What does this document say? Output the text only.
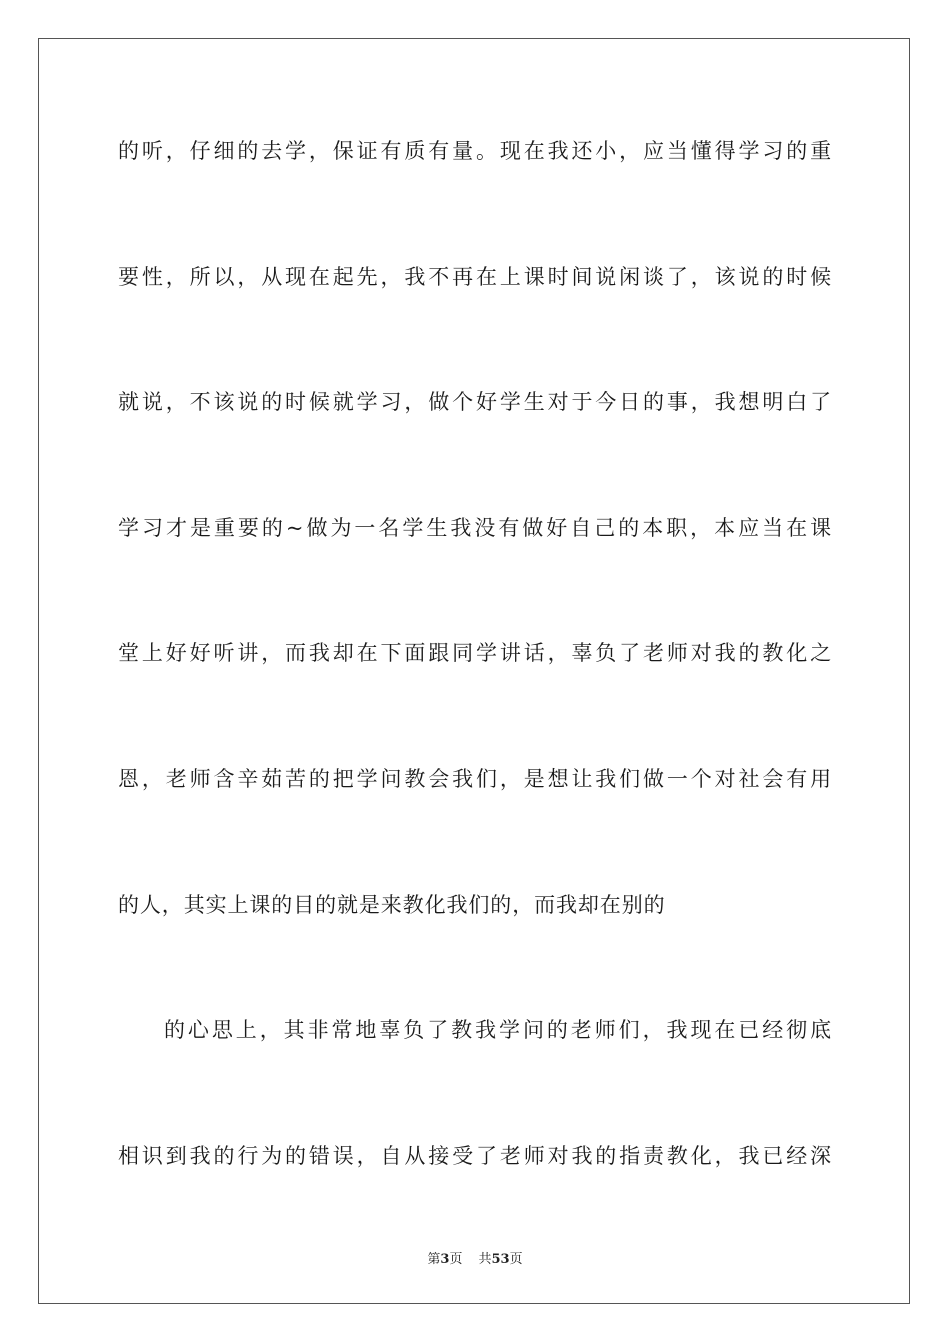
的听，仔细的去学，保证有质有量。现在我还小，应当懂得学习的重
要性，所以，从现在起先，我不再在上课时间说闲谈了，该说的时候
就说，不该说的时候就学习，做个好学生对于今日的事，我想明白了
学习才是重要的~做为一名学生我没有做好自己的本职，本应当在课
堂上好好听讲，而我却在下面跟同学讲话，辜负了老师对我的教化之
恩，老师含辛茹苦的把学问教会我们，是想让我们做一个对社会有用
的人，其实上课的目的就是来教化我们的，而我却在别的
的心思上，其非常地辜负了教我学问的老师们，我现在已经彻底
相识到我的行为的错误，自从接受了老师对我的指责教化，我已经深
第3页 共53页
